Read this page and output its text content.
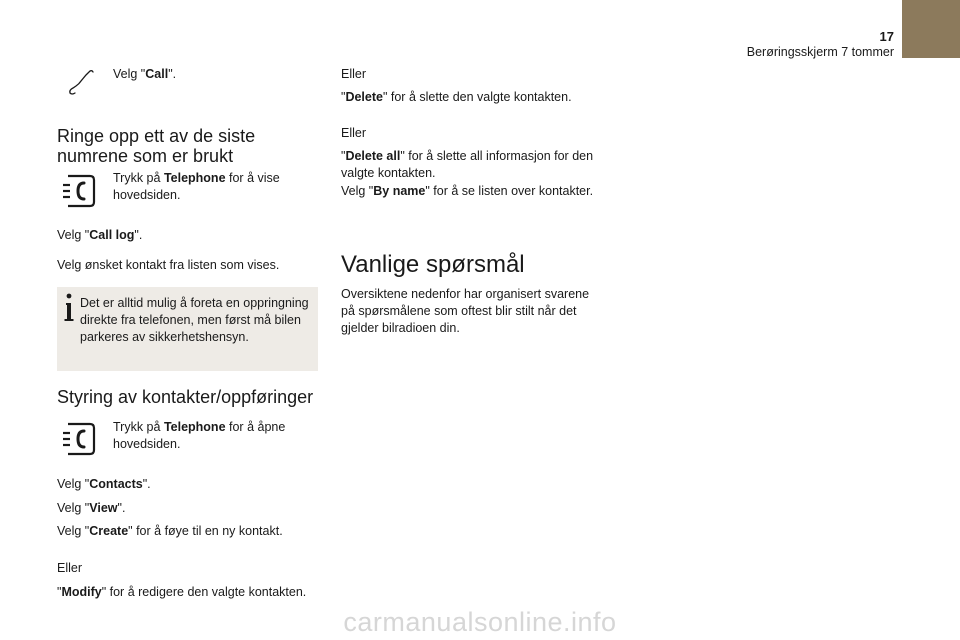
17
Berøringsskjerm 7 tommer

Velg "Call".

Ringe opp ett av de siste numrene som er brukt

Trykk på Telephone for å vise hovedsiden.

Velg "Call log".

Velg ønsket kontakt fra listen som vises.

Det er alltid mulig å foreta en oppringning direkte fra telefonen, men først må bilen parkeres av sikkerhetshensyn.

Styring av kontakter/oppføringer

Trykk på Telephone for å åpne hovedsiden.

Velg "Contacts".

Velg "View".

Velg "Create" for å føye til en ny kontakt.

Eller

"Modify" for å redigere den valgte kontakten.

Eller

"Delete" for å slette den valgte kontakten.

Eller

"Delete all" for å slette all informasjon for den valgte kontakten.

Velg "By name" for å se listen over kontakter.

Vanlige spørsmål

Oversiktene nedenfor har organisert svarene på spørsmålene som oftest blir stilt når det gjelder bilradioen din.

carmanualsonline.info
